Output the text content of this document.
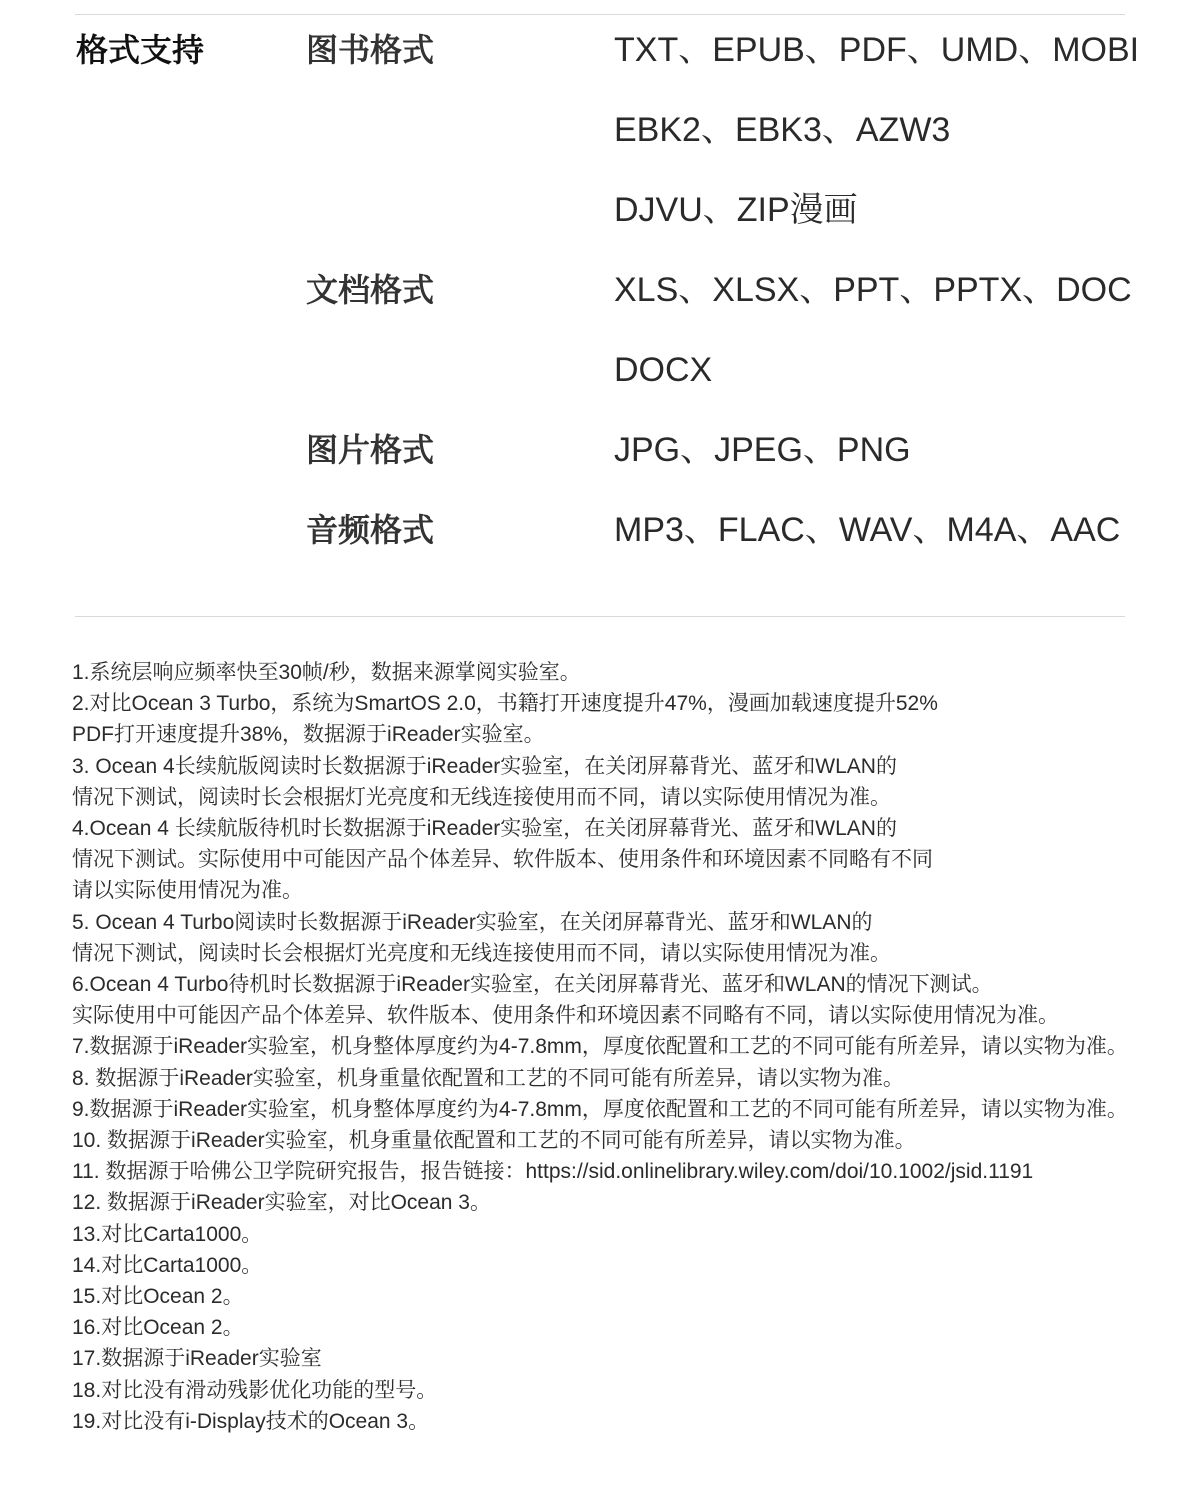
格式支持	图书格式	TXT、EPUB、PDF、UMD、MOBI
EBK2、EBK3、AZW3
DJVU、ZIP漫画
文档格式	XLS、XLSX、PPT、PPTX、DOC
DOCX
图片格式	JPG、JPEG、PNG
音频格式	MP3、FLAC、WAV、M4A、AAC
1.系统层响应频率快至30帧/秒，数据来源掌阅实验室。
2.对比Ocean 3 Turbo，系统为SmartOS 2.0，书籍打开速度提升47%，漫画加载速度提升52%
PDF打开速度提升38%，数据源于iReader实验室。
3. Ocean 4长续航版阅读时长数据源于iReader实验室，在关闭屏幕背光、蓝牙和WLAN的
情况下测试，阅读时长会根据灯光亮度和无线连接使用而不同，请以实际使用情况为准。
4.Ocean 4 长续航版待机时长数据源于iReader实验室，在关闭屏幕背光、蓝牙和WLAN的
情况下测试。实际使用中可能因产品个体差异、软件版本、使用条件和环境因素不同略有不同
请以实际使用情况为准。
5. Ocean 4 Turbo阅读时长数据源于iReader实验室，在关闭屏幕背光、蓝牙和WLAN的
情况下测试，阅读时长会根据灯光亮度和无线连接使用而不同，请以实际使用情况为准。
6.Ocean 4 Turbo待机时长数据源于iReader实验室，在关闭屏幕背光、蓝牙和WLAN的情况下测试。
实际使用中可能因产品个体差异、软件版本、使用条件和环境因素不同略有不同，请以实际使用情况为准。
7.数据源于iReader实验室，机身整体厚度约为4-7.8mm，厚度依配置和工艺的不同可能有所差异，请以实物为准。
8. 数据源于iReader实验室，机身重量依配置和工艺的不同可能有所差异，请以实物为准。
9.数据源于iReader实验室，机身整体厚度约为4-7.8mm，厚度依配置和工艺的不同可能有所差异，请以实物为准。
10. 数据源于iReader实验室，机身重量依配置和工艺的不同可能有所差异，请以实物为准。
11. 数据源于哈佛公卫学院研究报告，报告链接：https://sid.onlinelibrary.wiley.com/doi/10.1002/jsid.1191
12. 数据源于iReader实验室，对比Ocean 3。
13.对比Carta1000。
14.对比Carta1000。
15.对比Ocean 2。
16.对比Ocean 2。
17.数据源于iReader实验室
18.对比没有滑动残影优化功能的型号。
19.对比没有i-Display技术的Ocean 3。
